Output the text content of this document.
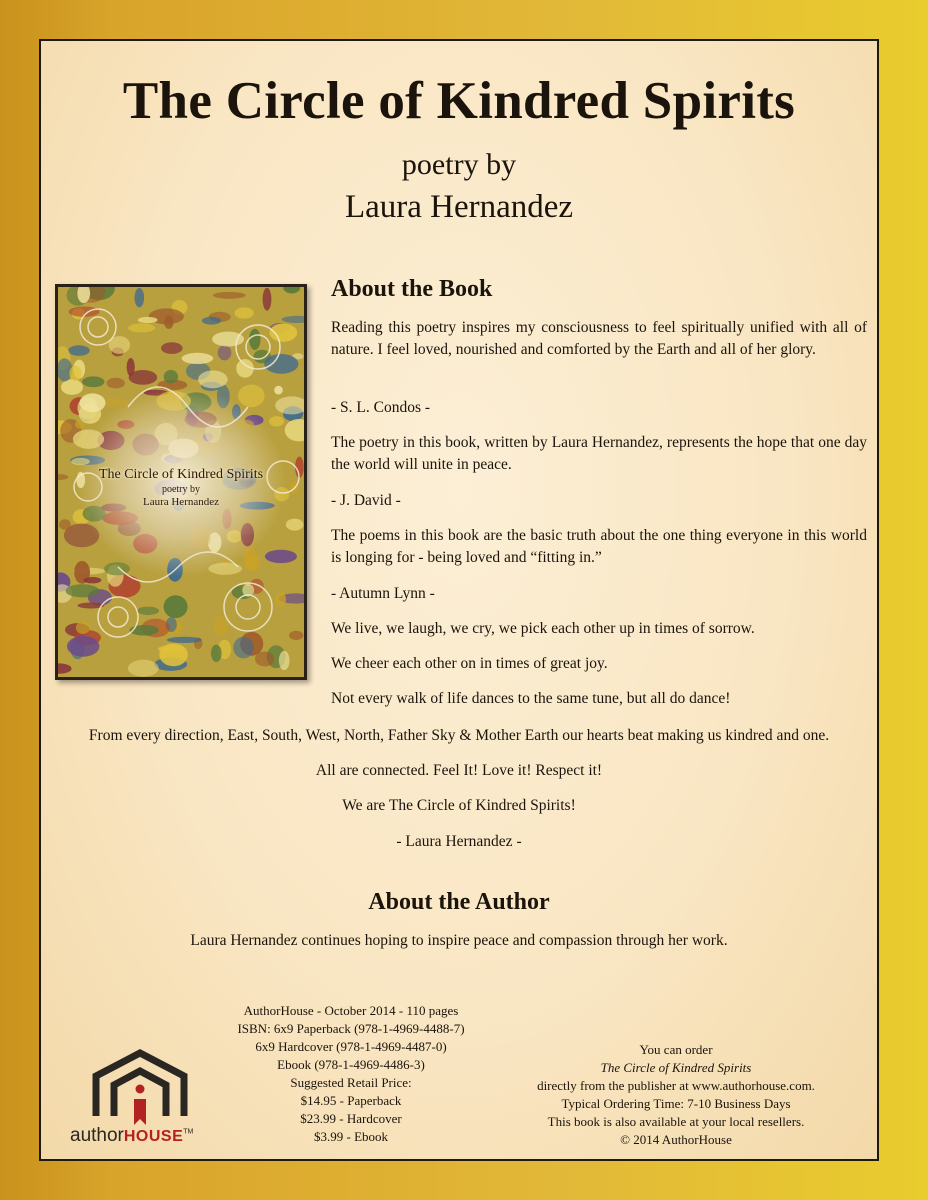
The Circle of Kindred Spirits
poetry by
Laura Hernandez
The Circle of Kindred Spirits
poetry by
Laura Hernandez
About the Book
Reading this poetry inspires my consciousness to feel spiritually unified with all of nature. I feel loved, nourished and comforted by the Earth and all of her glory.
- S. L. Condos -
The poetry in this book, written by Laura Hernandez, represents the hope that one day the world will unite in peace.
- J. David -
The poems in this book are the basic truth about the one thing everyone in this world is longing for - being loved and “fitting in.”
- Autumn Lynn -
We live, we laugh, we cry, we pick each other up in times of sorrow.
We cheer each other on in times of great joy.
Not every walk of life dances to the same tune, but all do dance!
From every direction, East, South, West, North, Father Sky & Mother Earth our hearts beat making us kindred and one.
All are connected. Feel It! Love it! Respect it!
We are The Circle of Kindred Spirits!
- Laura Hernandez -
About the Author
Laura Hernandez continues hoping to inspire peace and compassion through her work.
AuthorHouse - October 2014 - 110 pages
ISBN: 6x9 Paperback (978-1-4969-4488-7)
6x9 Hardcover (978-1-4969-4487-0)
Ebook (978-1-4969-4486-3)
Suggested Retail Price:
$14.95 - Paperback
$23.99 - Hardcover
$3.99 - Ebook
You can order
The Circle of Kindred Spirits
directly from the publisher at www.authorhouse.com.
Typical Ordering Time: 7-10 Business Days
This book is also available at your local resellers.
© 2014 AuthorHouse
authorHOUSE™
